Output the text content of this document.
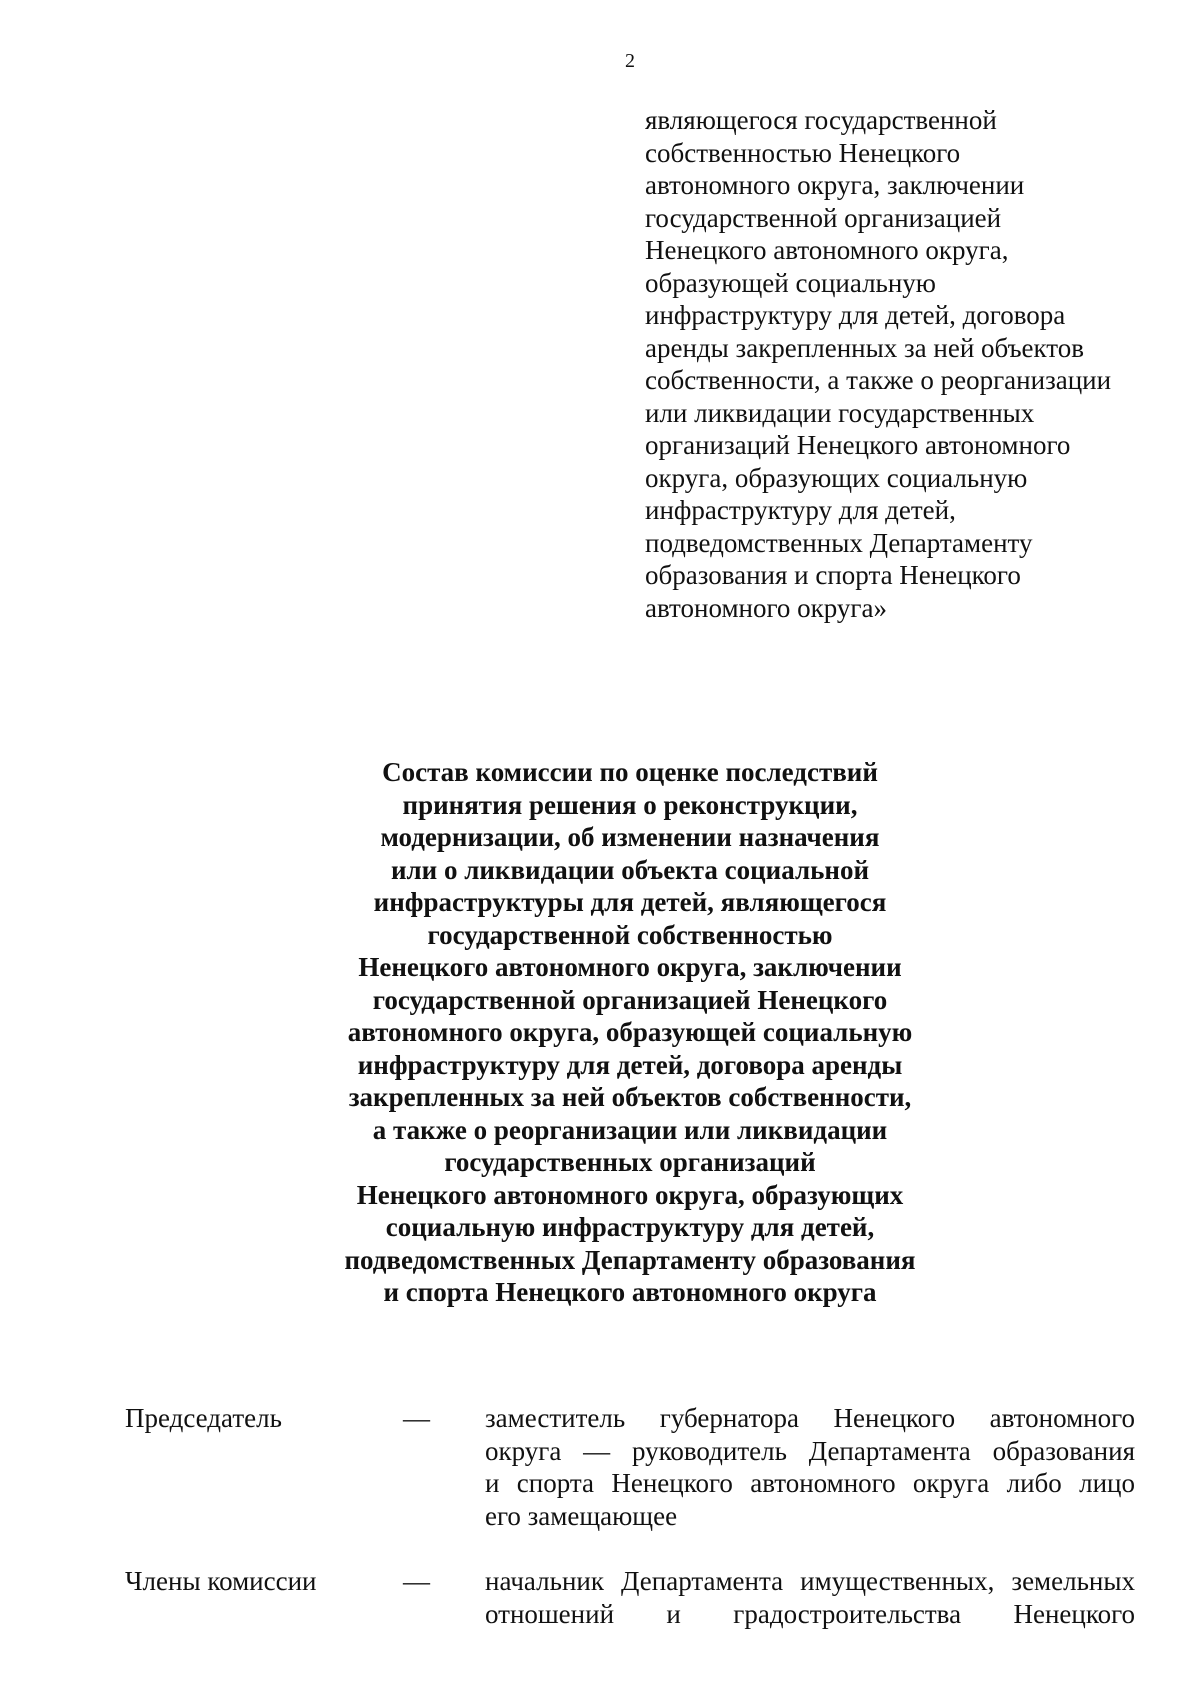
2
являющегося государственной
собственностью Ненецкого
автономного округа, заключении
государственной организацией
Ненецкого автономного округа,
образующей социальную
инфраструктуру для детей, договора
аренды закрепленных за ней объектов
собственности, а также о реорганизации
или ликвидации государственных
организаций Ненецкого автономного
округа, образующих социальную
инфраструктуру для детей,
подведомственных Департаменту
образования и спорта Ненецкого
автономного округа»
Состав комиссии по оценке последствий
принятия решения о реконструкции,
модернизации, об изменении назначения
или о ликвидации объекта социальной
инфраструктуры для детей, являющегося
государственной собственностью
Ненецкого автономного округа, заключении
государственной организацией Ненецкого
автономного округа, образующей социальную
инфраструктуру для детей, договора аренды
закрепленных за ней объектов собственности,
а также о реорганизации или ликвидации
государственных организаций
Ненецкого автономного округа, образующих
социальную инфраструктуру для детей,
подведомственных Департаменту образования
и спорта Ненецкого автономного округа
Председатель	— заместитель губернатора Ненецкого автономного
округа — руководитель Департамента образования
и спорта Ненецкого автономного округа либо лицо
его замещающее
Члены комиссии	— начальник Департамента имущественных, земельных
отношений и градостроительства Ненецкого
